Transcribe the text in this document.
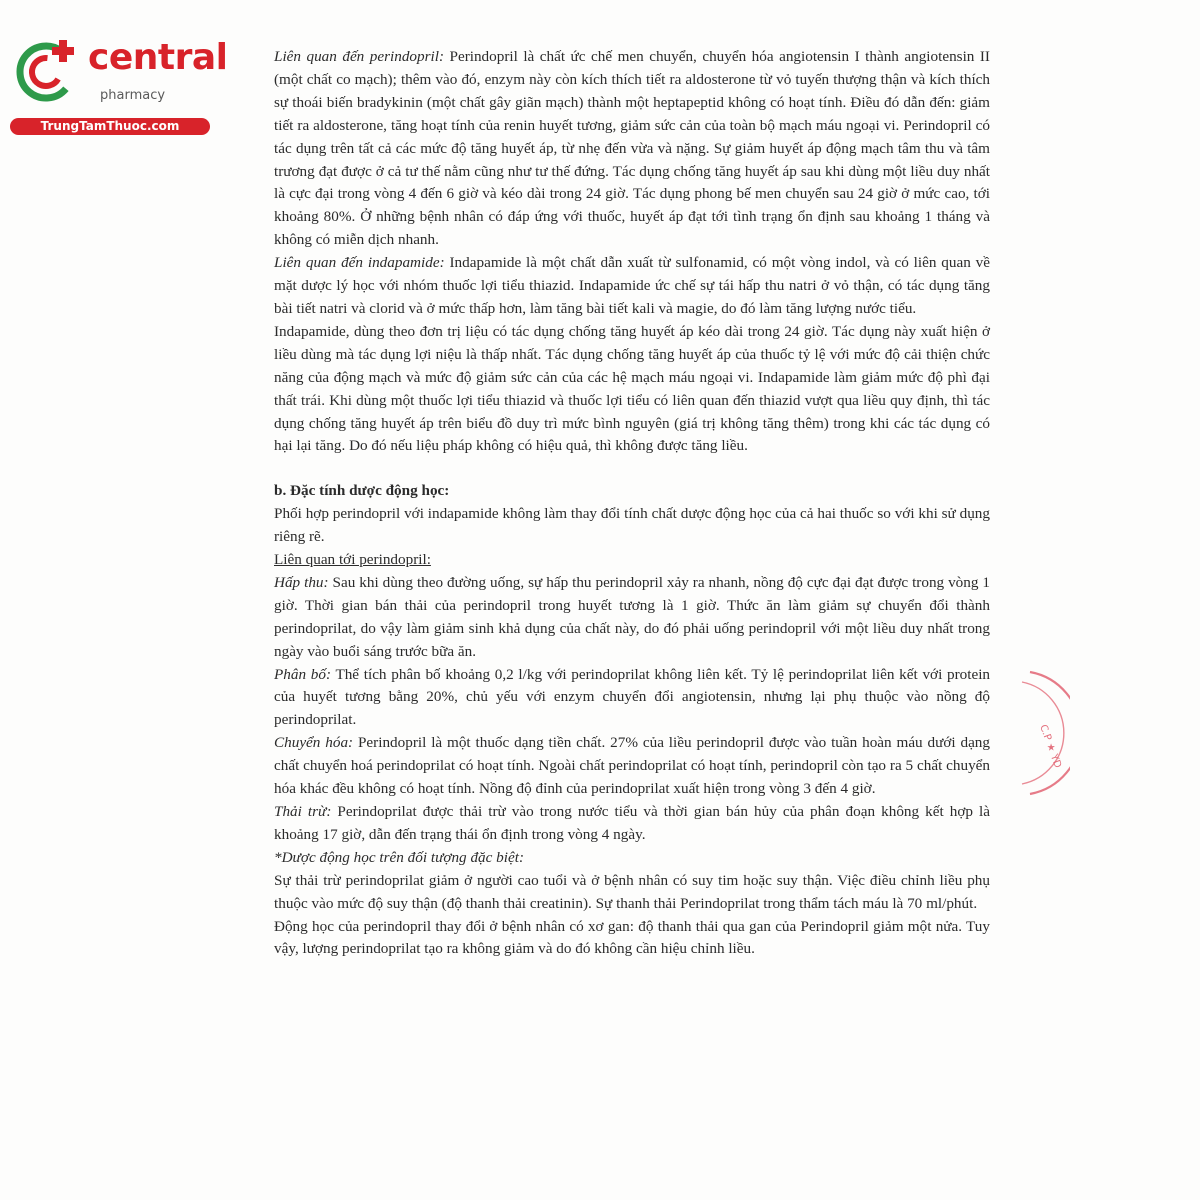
central
pharmacy
TrungTamThuoc.com

Liên quan đến perindopril: Perindopril là chất ức chế men chuyển, chuyển hóa angiotensin I thành angiotensin II (một chất co mạch); thêm vào đó, enzym này còn kích thích tiết ra aldosterone từ vỏ tuyến thượng thận và kích thích sự thoái biến bradykinin (một chất gây giãn mạch) thành một heptapeptid không có hoạt tính. Điều đó dẫn đến: giảm tiết ra aldosterone, tăng hoạt tính của renin huyết tương, giảm sức cản của toàn bộ mạch máu ngoại vi. Perindopril có tác dụng trên tất cả các mức độ tăng huyết áp, từ nhẹ đến vừa và nặng. Sự giảm huyết áp động mạch tâm thu và tâm trương đạt được ở cả tư thế nằm cũng như tư thế đứng. Tác dụng chống tăng huyết áp sau khi dùng một liều duy nhất là cực đại trong vòng 4 đến 6 giờ và kéo dài trong 24 giờ. Tác dụng phong bế men chuyển sau 24 giờ ở mức cao, tới khoảng 80%. Ở những bệnh nhân có đáp ứng với thuốc, huyết áp đạt tới tình trạng ổn định sau khoảng 1 tháng và không có miễn dịch nhanh.

Liên quan đến indapamide: Indapamide là một chất dẫn xuất từ sulfonamid, có một vòng indol, và có liên quan về mặt dược lý học với nhóm thuốc lợi tiểu thiazid. Indapamide ức chế sự tái hấp thu natri ở vỏ thận, có tác dụng tăng bài tiết natri và clorid và ở mức thấp hơn, làm tăng bài tiết kali và magie, do đó làm tăng lượng nước tiểu.

Indapamide, dùng theo đơn trị liệu có tác dụng chống tăng huyết áp kéo dài trong 24 giờ. Tác dụng này xuất hiện ở liều dùng mà tác dụng lợi niệu là thấp nhất. Tác dụng chống tăng huyết áp của thuốc tỷ lệ với mức độ cải thiện chức năng của động mạch và mức độ giảm sức cản của các hệ mạch máu ngoại vi. Indapamide làm giảm mức độ phì đại thất trái. Khi dùng một thuốc lợi tiểu thiazid và thuốc lợi tiểu có liên quan đến thiazid vượt qua liều quy định, thì tác dụng chống tăng huyết áp trên biểu đồ duy trì mức bình nguyên (giá trị không tăng thêm) trong khi các tác dụng có hại lại tăng. Do đó nếu liệu pháp không có hiệu quả, thì không được tăng liều.

b. Đặc tính dược động học:

Phối hợp perindopril với indapamide không làm thay đổi tính chất dược động học của cả hai thuốc so với khi sử dụng riêng rẽ.

Liên quan tới perindopril:

Hấp thu: Sau khi dùng theo đường uống, sự hấp thu perindopril xảy ra nhanh, nồng độ cực đại đạt được trong vòng 1 giờ. Thời gian bán thải của perindopril trong huyết tương là 1 giờ. Thức ăn làm giảm sự chuyển đổi thành perindoprilat, do vậy làm giảm sinh khả dụng của chất này, do đó phải uống perindopril với một liều duy nhất trong ngày vào buổi sáng trước bữa ăn.

Phân bố: Thể tích phân bố khoảng 0,2 l/kg với perindoprilat không liên kết. Tỷ lệ perindoprilat liên kết với protein của huyết tương bằng 20%, chủ yếu với enzym chuyển đổi angiotensin, nhưng lại phụ thuộc vào nồng độ perindoprilat.

Chuyển hóa: Perindopril là một thuốc dạng tiền chất. 27% của liều perindopril được vào tuần hoàn máu dưới dạng chất chuyển hoá perindoprilat có hoạt tính. Ngoài chất perindoprilat có hoạt tính, perindopril còn tạo ra 5 chất chuyển hóa khác đều không có hoạt tính. Nồng độ đỉnh của perindoprilat xuất hiện trong vòng 3 đến 4 giờ.

Thải trừ: Perindoprilat được thải trừ vào trong nước tiểu và thời gian bán hủy của phân đoạn không kết hợp là khoảng 17 giờ, dẫn đến trạng thái ổn định trong vòng 4 ngày.

*Dược động học trên đối tượng đặc biệt:

Sự thải trừ perindoprilat giảm ở người cao tuổi và ở bệnh nhân có suy tim hoặc suy thận. Việc điều chỉnh liều phụ thuộc vào mức độ suy thận (độ thanh thải creatinin). Sự thanh thải Perindoprilat trong thẩm tách máu là 70 ml/phút.

Động học của perindopril thay đổi ở bệnh nhân có xơ gan: độ thanh thải qua gan của Perindopril giảm một nửa. Tuy vậy, lượng perindoprilat tạo ra không giảm và do đó không cần hiệu chỉnh liều.

C.P ★ YD
